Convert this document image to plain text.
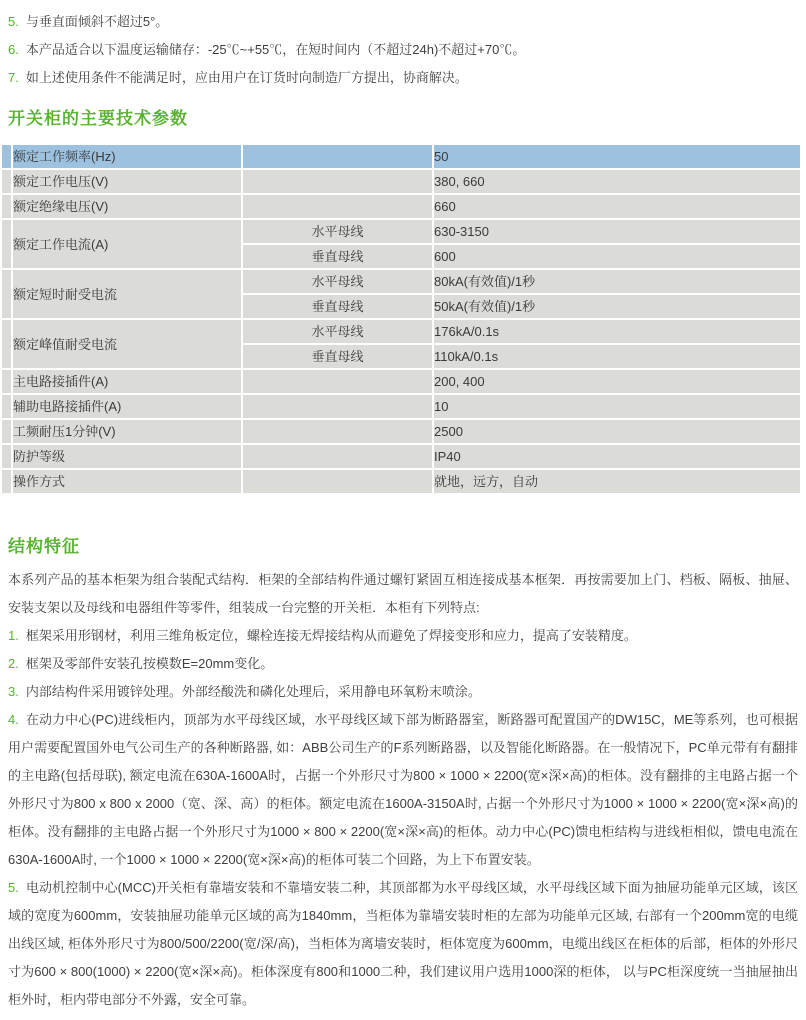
5. 与垂直面倾斜不超过5°。
6. 本产品适合以下温度运输储存：-25℃~+55℃，在短时间内（不超过24h)不超过+70℃。
7. 如上述使用条件不能满足时，应由用户在订货时向制造厂方提出，协商解决。
开关柜的主要技术参数
	额定工作频率(Hz)		50
	额定工作电压(V)		380, 660
	额定绝缘电压(V)		660
	额定工作电流(A)	水平母线	630-3150
		垂直母线	600
	额定短时耐受电流	水平母线	80kA(有效值)/1秒
		垂直母线	50kA(有效值)/1秒
	额定峰值耐受电流	水平母线	176kA/0.1s
		垂直母线	110kA/0.1s
	主电路接插件(A)		200, 400
	辅助电路接插件(A)		10
	工频耐压1分钟(V)		2500
	防护等级		IP40
	操作方式		就地，远方，自动
结构特征

本系列产品的基本柜架为组合装配式结构．柜架的全部结构件通过螺钉紧固互相连接成基本框架．再按需要加上门、档板、隔板、抽屉、安装支架以及母线和电器组件等零件，组装成一台完整的开关柜．本柜有下列特点:

1. 框架采用形钢材，利用三维角板定位，螺栓连接无焊接结构从而避免了焊接变形和应力，提高了安装精度。
2. 框架及零部件安装孔按模数E=20mm变化。
3. 内部结构件采用镀锌处理。外部经酸洗和磷化处理后，采用静电环氧粉末喷涂。
4. 在动力中心(PC)进线柜内，顶部为水平母线区域，水平母线区域下部为断路器室，断路器可配置国产的DW15C，ME等系列，也可根据用户需要配置国外电气公司生产的各种断路器, 如：ABB公司生产的F系列断路器，以及智能化断路器。在一般情况下，PC单元带有有翻排的主电路(包括母联), 额定电流在630A-1600A时，占据一个外形尺寸为800 × 1000 × 2200(宽×深×高)的柜体。没有翻排的主电路占据一个外形尺寸为800 x 800 x 2000（宽、深、高）的柜体。额定电流在1600A-3150A时, 占据一个外形尺寸为1000 × 1000 × 2200(宽×深×高)的柜体。没有翻排的主电路占据一个外形尺寸为1000 × 800 × 2200(宽×深×高)的柜体。动力中心(PC)馈电柜结构与进线柜相似，馈电电流在630A-1600A时, 一个1000 × 1000 × 2200(宽×深×高)的柜体可装二个回路，为上下布置安装。
5. 电动机控制中心(MCC)开关柜有靠墙安装和不靠墙安装二种，其顶部都为水平母线区域，水平母线区域下面为抽屉功能单元区域，该区域的宽度为600mm，安装抽屉功能单元区域的高为1840mm，当柜体为靠墙安装时柜的左部为功能单元区域, 右部有一个200mm宽的电缆出线区域, 柜体外形尺寸为800/500/2200(宽/深/高)，当柜体为离墙安装时，柜体宽度为600mm，电缆出线区在柜体的后部，柜体的外形尺寸为600 × 800(1000) × 2200(宽×深×高)。柜体深度有800和1000二种，我们建议用户选用1000深的柜体， 以与PC柜深度统一当抽屉抽出柜外时，柜内带电部分不外露，安全可靠。
